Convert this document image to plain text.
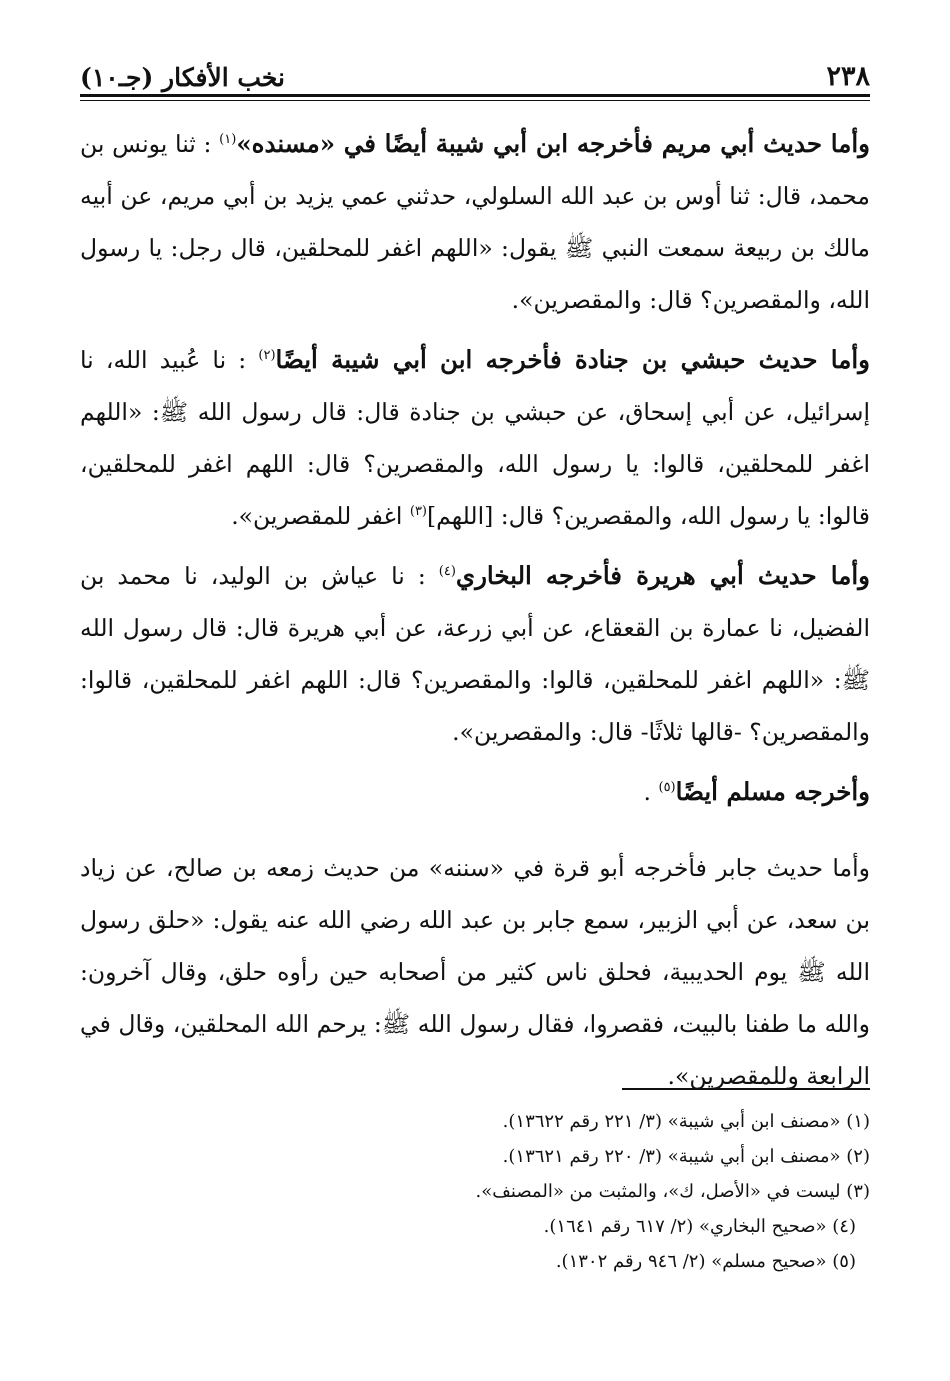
٢٣٨
نخب الأفكار (جـ١٠)

وأما حديث أبي مريم فأخرجه ابن أبي شيبة أيضًا في «مسنده»$^{(١)}$ : ثنا يونس بن محمد، قال: ثنا أوس بن عبد الله السلولي، حدثني عمي يزيد بن أبي مريم، عن أبيه مالك بن ربيعة سمعت النبي ﷺ يقول: «اللهم اغفر للمحلقين، قال رجل: يا رسول الله، والمقصرين؟ قال: والمقصرين».

وأما حديث حبشي بن جنادة فأخرجه ابن أبي شيبة أيضًا$^{(٢)}$ : نا عُبيد الله، نا إسرائيل، عن أبي إسحاق، عن حبشي بن جنادة قال: قال رسول الله ﷺ: «اللهم اغفر للمحلقين، قالوا: يا رسول الله، والمقصرين؟ قال: اللهم اغفر للمحلقين، قالوا: يا رسول الله، والمقصرين؟ قال: [اللهم]$^{(٣)}$ اغفر للمقصرين».

وأما حديث أبي هريرة فأخرجه البخاري$^{(٤)}$ : نا عياش بن الوليد، نا محمد بن الفضيل، نا عمارة بن القعقاع، عن أبي زرعة، عن أبي هريرة قال: قال رسول الله ﷺ: «اللهم اغفر للمحلقين، قالوا: والمقصرين؟ قال: اللهم اغفر للمحلقين، قالوا: والمقصرين؟ -قالها ثلاثًا- قال: والمقصرين».

وأخرجه مسلم أيضًا$^{(٥)}$ .

وأما حديث جابر فأخرجه أبو قرة في «سننه» من حديث زمعه بن صالح، عن زياد بن سعد، عن أبي الزبير، سمع جابر بن عبد الله رضي الله عنه يقول: «حلق رسول الله ﷺ يوم الحديبية، فحلق ناس كثير من أصحابه حين رأوه حلق، وقال آخرون: والله ما طفنا بالبيت، فقصروا، فقال رسول الله ﷺ: يرحم الله المحلقين، وقال في الرابعة وللمقصرين».

(١) «مصنف ابن أبي شيبة» (٣/ ٢٢١ رقم ١٣٦٢٢).
(٢) «مصنف ابن أبي شيبة» (٣/ ٢٢٠ رقم ١٣٦٢١).
(٣) ليست في «الأصل، ك»، والمثبت من «المصنف».
(٤) «صحيح البخاري» (٢/ ٦١٧ رقم ١٦٤١).
(٥) «صحيح مسلم» (٢/ ٩٤٦ رقم ١٣٠٢).
